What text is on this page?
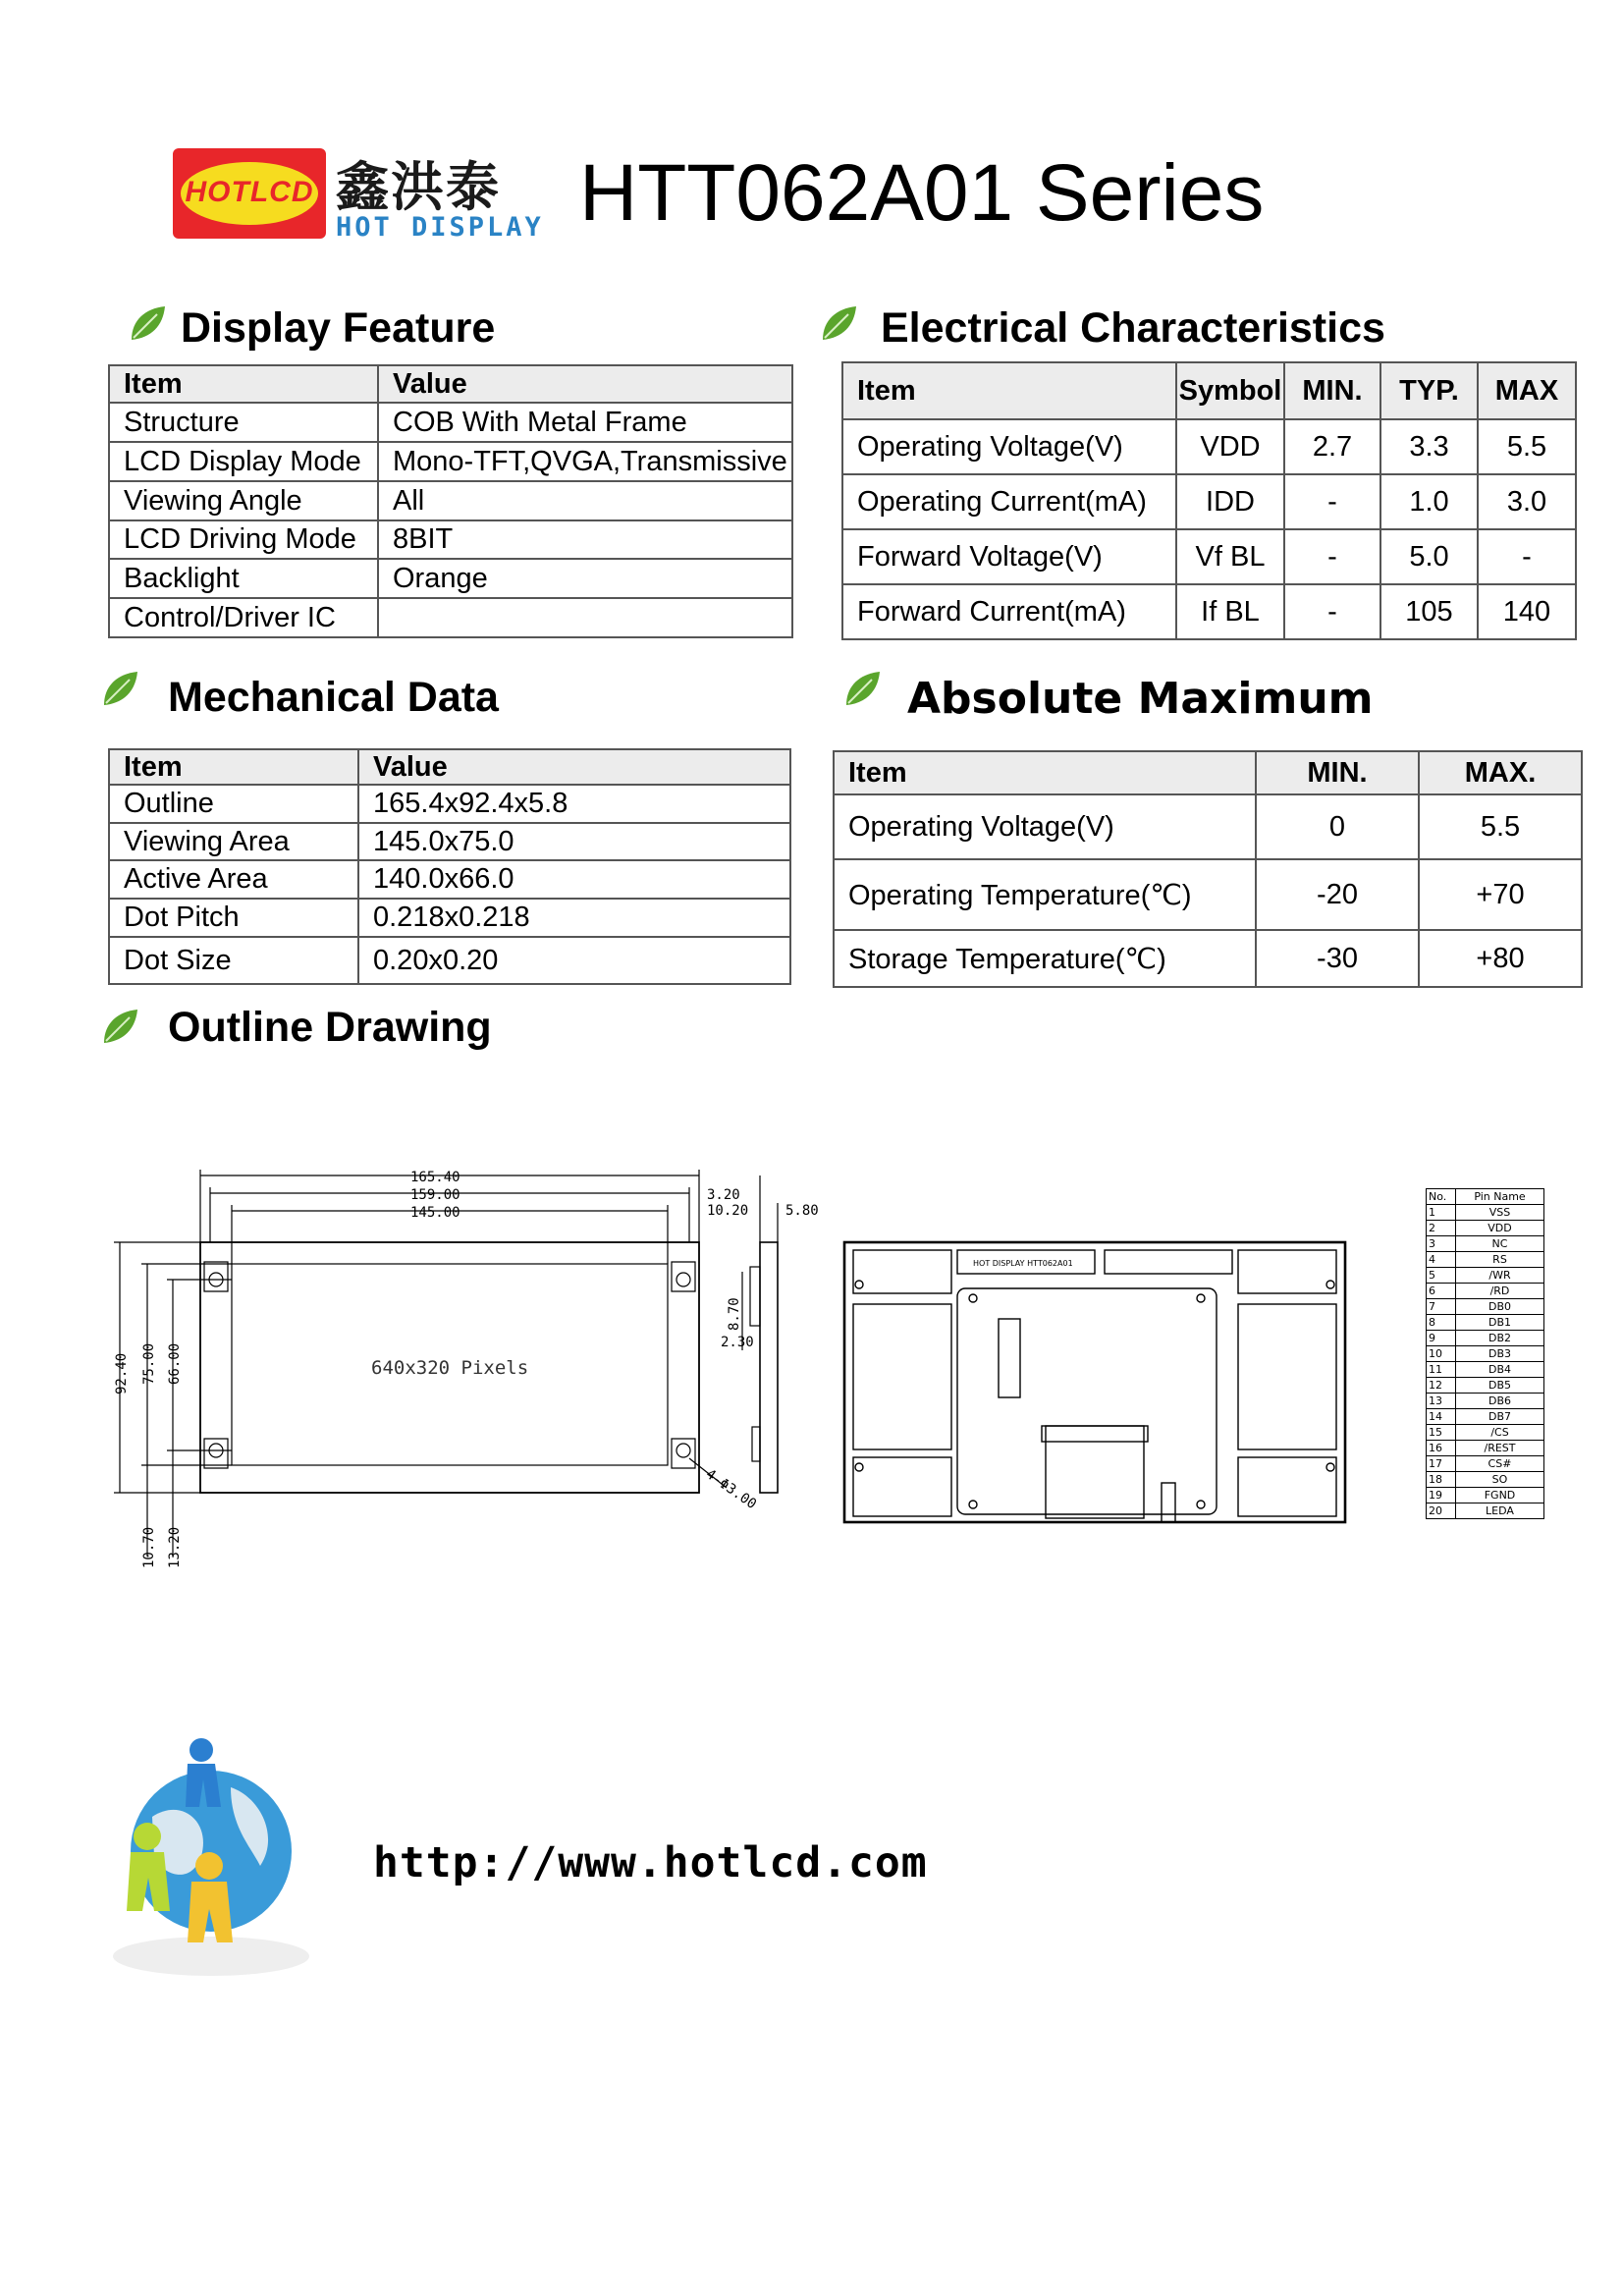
HOTLCD 鑫洪泰
HOT DISPLAY HTT062A01 Series
Display Feature	Electrical Characteristics
Mechanical Data	Absolute Maximum
Outline Drawing
Item	Value
Structure	COB With Metal Frame
LCD Display Mode	Mono-TFT,QVGA,Transmissive
Viewing Angle	All
LCD Driving Mode	8BIT
Backlight	Orange
Control/Driver IC	
Item	Symbol	MIN.	TYP.	MAX
Operating Voltage(V)	VDD	2.7	3.3	5.5
Operating Current(mA)	IDD	-	1.0	3.0
Forward Voltage(V)	Vf BL	-	5.0	-
Forward Current(mA)	If BL	-	105	140
Item	Value
Outline	165.4x92.4x5.8
Viewing Area	145.0x75.0
Active Area	140.0x66.0
Dot Pitch	0.218x0.218
Dot Size	0.20x0.20
Item	MIN.	MAX.
Operating Voltage(V)	0	5.5
Operating Temperature(℃)	-20	+70
Storage Temperature(℃)	-30	+80
165.40
159.00
145.00
3.20
10.20	5.80
8.70
2.30
92.40 75.00 66.00
10.70 13.20
4-Φ3.00
640x320 Pixels
HOT DISPLAY HTT062A01
No.	Pin Name
1	VSS
2	VDD
3	NC
4	RS
5	/WR
6	/RD
7	DB0
8	DB1
9	DB2
10	DB3
11	DB4
12	DB5
13	DB6
14	DB7
15	/CS
16	/REST
17	CS#
18	SO
19	FGND
20	LEDA
http://www.hotlcd.com
